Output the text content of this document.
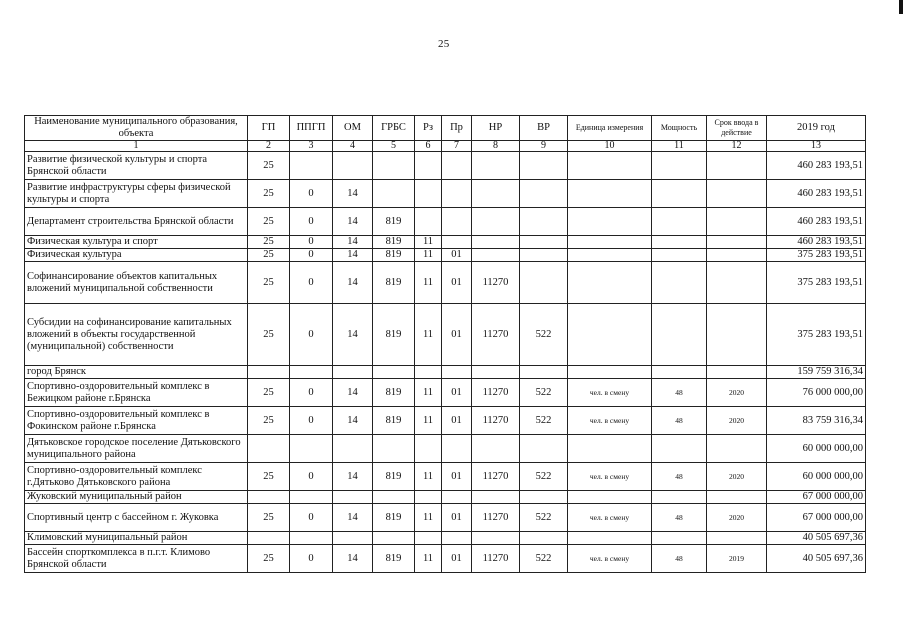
25
Наименование муниципального образования, объекта	ГП	ППГП	ОМ	ГРБС	Рз	Пр	НР	ВР	Единица измерения	Мощность	Срок ввода в действие	2019 год
1	2	3	4	5	6	7	8	9	10	11	12	13
Развитие физической культуры и спорта Брянской области	25											460 283 193,51
Развитие инфраструктуры сферы физической культуры и спорта	25	0	14									460 283 193,51
Департамент строительства Брянской области	25	0	14	819								460 283 193,51
Физическая культура и спорт	25	0	14	819	11							460 283 193,51
Физическая культура	25	0	14	819	11	01						375 283 193,51
Софинансирование объектов капитальных вложений муниципальной собственности	25	0	14	819	11	01	11270					375 283 193,51
Субсидии на софинансирование капитальных вложений в объекты государственной (муниципальной) собственности	25	0	14	819	11	01	11270	522				375 283 193,51
город Брянск												159 759 316,34
Спортивно-оздоровительный комплекс в Бежицком районе г.Брянска	25	0	14	819	11	01	11270	522	чел. в смену	48	2020	76 000 000,00
Спортивно-оздоровительный комплекс в Фокинском районе г.Брянска	25	0	14	819	11	01	11270	522	чел. в смену	48	2020	83 759 316,34
Дятьковское городское поселение Дятьковского муниципального района												60 000 000,00
Спортивно-оздоровительный комплекс г.Дятьково Дятьковского района	25	0	14	819	11	01	11270	522	чел. в смену	48	2020	60 000 000,00
Жуковский муниципальный район												67 000 000,00
Спортивный центр с бассейном г. Жуковка	25	0	14	819	11	01	11270	522	чел. в смену	48	2020	67 000 000,00
Климовский муниципальный район												40 505 697,36
Бассейн спорткомплекса в п.г.т. Климово Брянской области	25	0	14	819	11	01	11270	522	чел. в смену	48	2019	40 505 697,36
